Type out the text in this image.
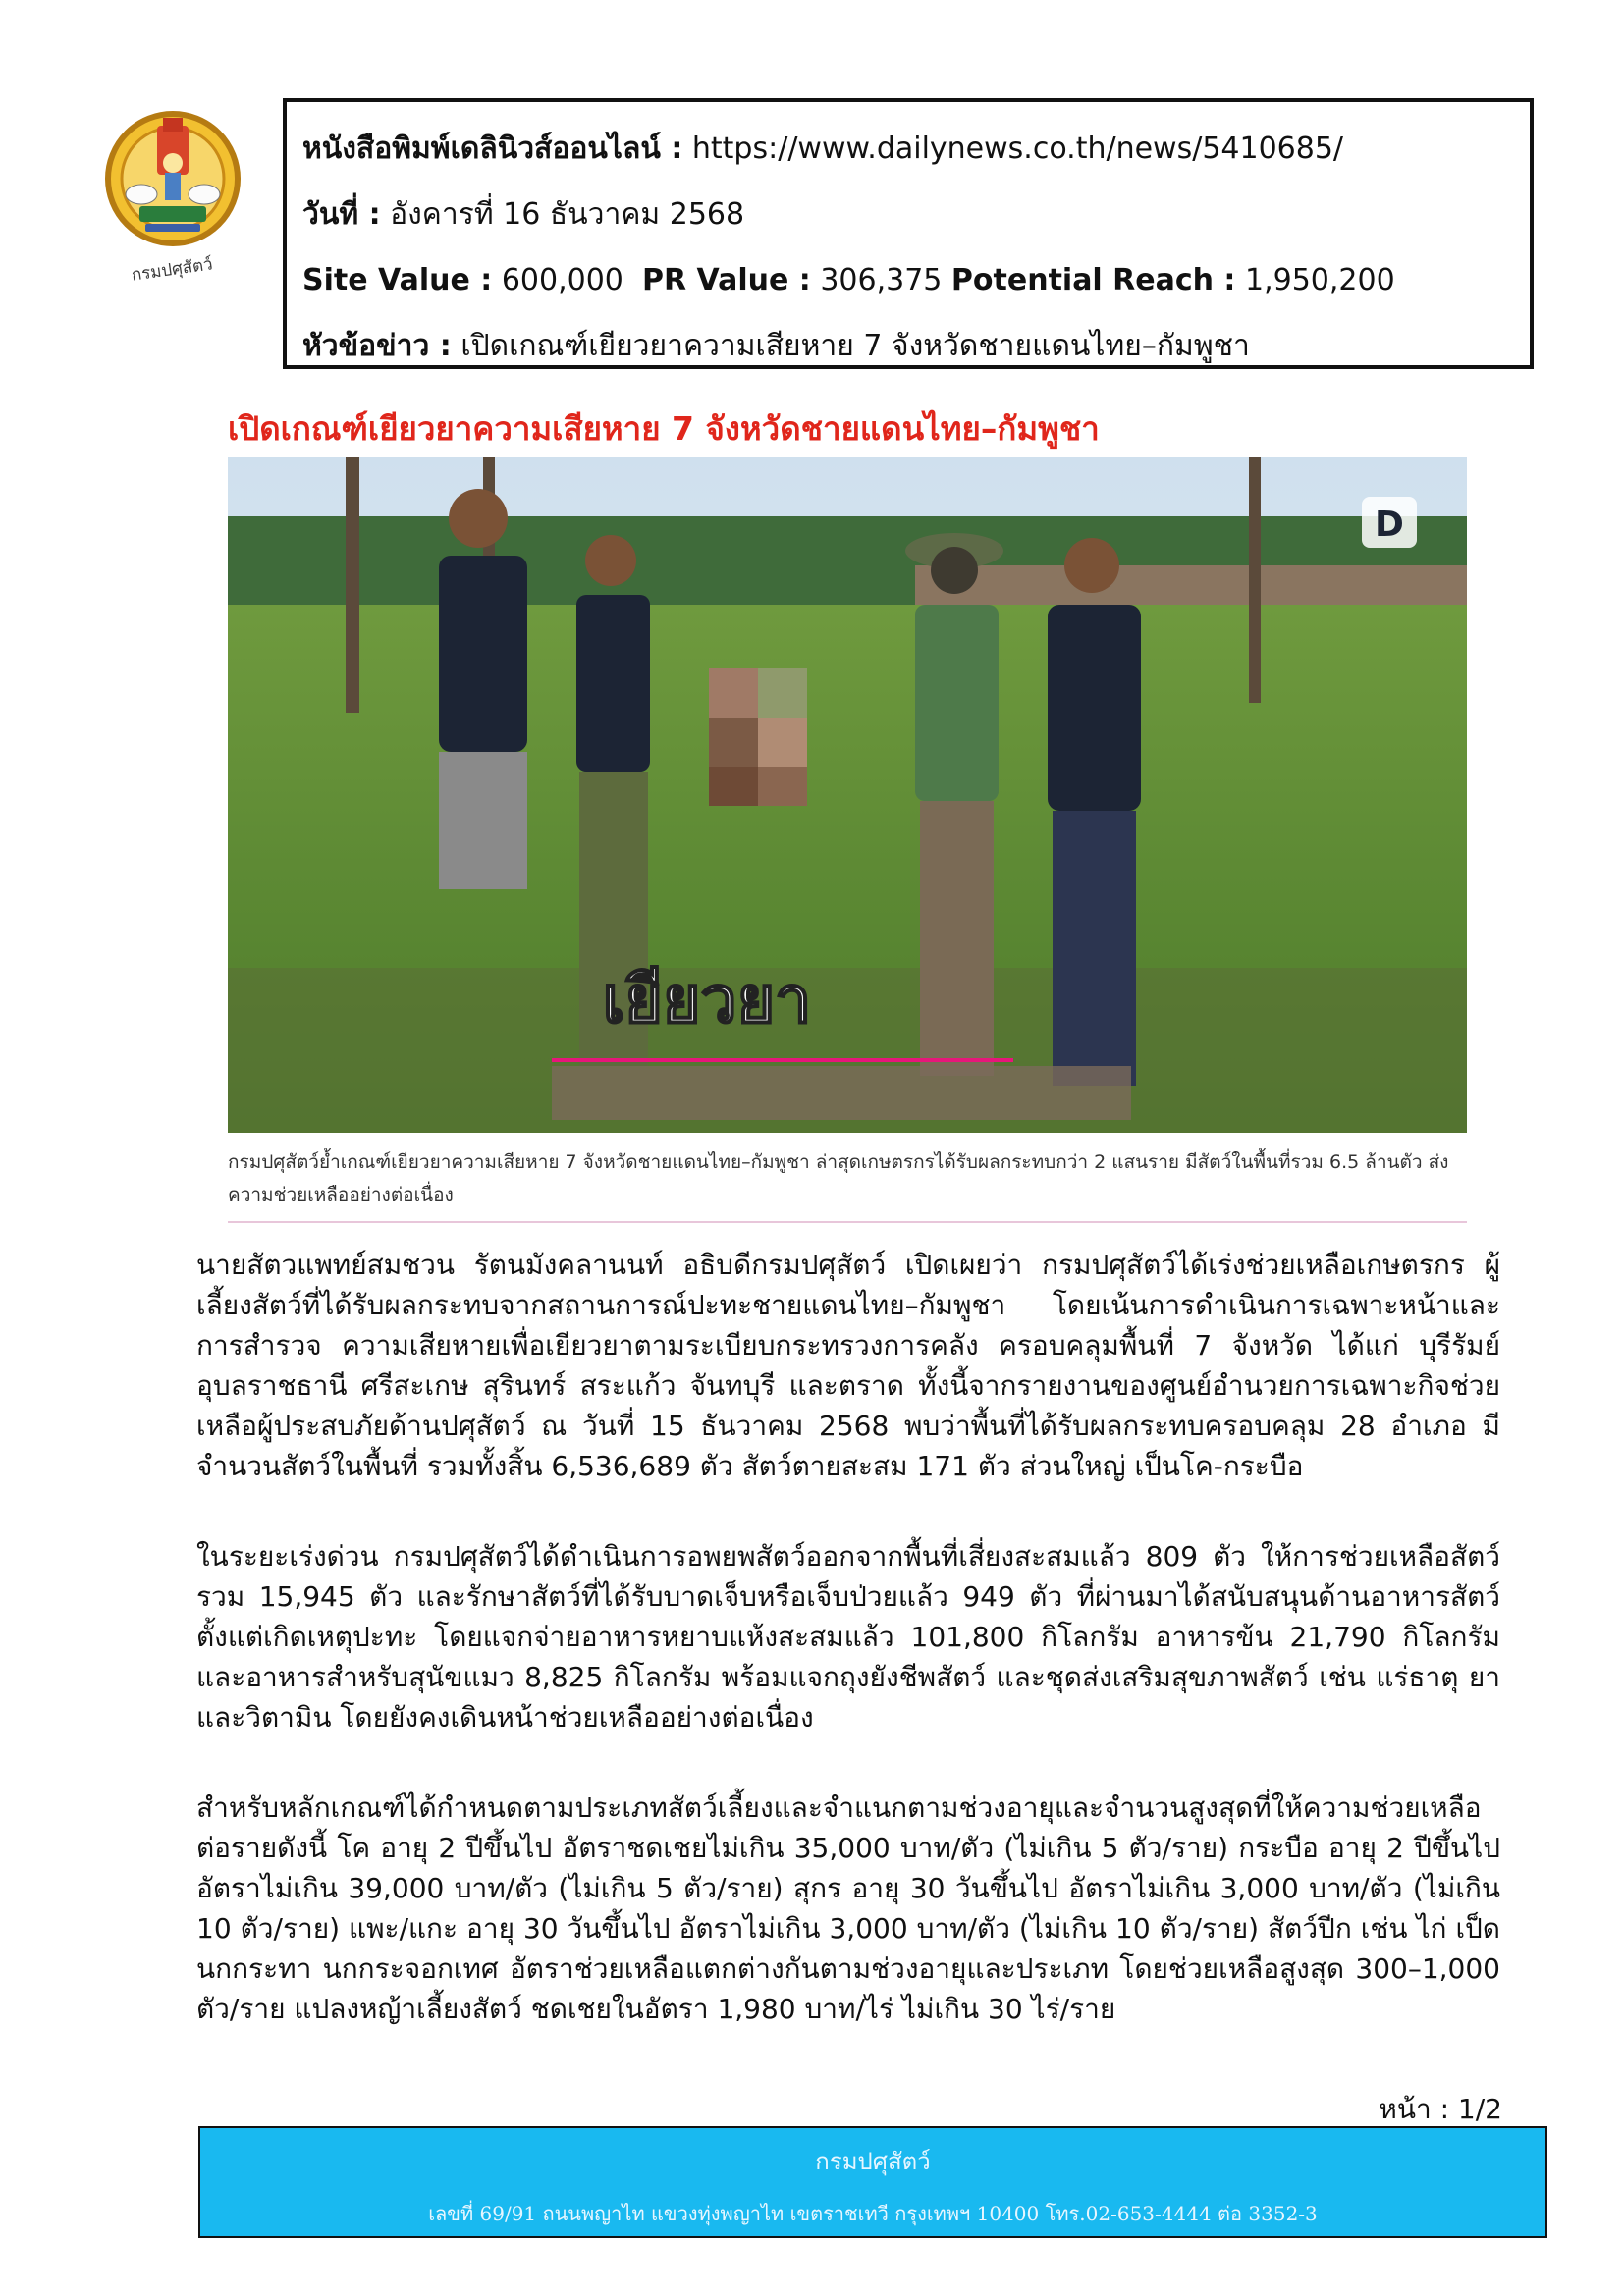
กรมปศุสัตว์
หนังสือพิมพ์เดลินิวส์ออนไลน์ : https://www.dailynews.co.th/news/5410685/
วันที่ : อังคารที่ 16 ธันวาคม 2568
Site Value : 600,000 PR Value : 306,375 Potential Reach : 1,950,200
หัวข้อข่าว : เปิดเกณฑ์เยียวยาความเสียหาย 7 จังหวัดชายแดนไทย–กัมพูชา
เปิดเกณฑ์เยียวยาความเสียหาย 7 จังหวัดชายแดนไทย–กัมพูชา
เยียวยา
D
กรมปศุสัตว์ย้ำเกณฑ์เยียวยาความเสียหาย 7 จังหวัดชายแดนไทย–กัมพูชา ล่าสุดเกษตรกรได้รับผลกระทบกว่า 2 แสนราย มีสัตว์ในพื้นที่รวม 6.5 ล้านตัว ส่งความช่วยเหลืออย่างต่อเนื่อง
นายสัตวแพทย์สมชวน รัตนมังคลานนท์ อธิบดีกรมปศุสัตว์ เปิดเผยว่า กรมปศุสัตว์ได้เร่งช่วยเหลือเกษตรกร ผู้เลี้ยงสัตว์ที่ได้รับผลกระทบจากสถานการณ์ปะทะชายแดนไทย–กัมพูชา โดยเน้นการดำเนินการเฉพาะหน้าและการสำรวจ ความเสียหายเพื่อเยียวยาตามระเบียบกระทรวงการคลัง ครอบคลุมพื้นที่ 7 จังหวัด ได้แก่ บุรีรัมย์ อุบลราชธานี ศรีสะเกษ สุรินทร์ สระแก้ว จันทบุรี และตราด ทั้งนี้จากรายงานของศูนย์อำนวยการเฉพาะกิจช่วยเหลือผู้ประสบภัยด้านปศุสัตว์ ณ วันที่ 15 ธันวาคม 2568 พบว่าพื้นที่ได้รับผลกระทบครอบคลุม 28 อำเภอ มีจำนวนสัตว์ในพื้นที่ รวมทั้งสิ้น 6,536,689 ตัว สัตว์ตายสะสม 171 ตัว ส่วนใหญ่ เป็นโค-กระบือ
ในระยะเร่งด่วน กรมปศุสัตว์ได้ดำเนินการอพยพสัตว์ออกจากพื้นที่เสี่ยงสะสมแล้ว 809 ตัว ให้การช่วยเหลือสัตว์ รวม 15,945 ตัว และรักษาสัตว์ที่ได้รับบาดเจ็บหรือเจ็บป่วยแล้ว 949 ตัว ที่ผ่านมาได้สนับสนุนด้านอาหารสัตว์ตั้งแต่เกิดเหตุปะทะ โดยแจกจ่ายอาหารหยาบแห้งสะสมแล้ว 101,800 กิโลกรัม อาหารข้น 21,790 กิโลกรัม และอาหารสำหรับสุนัขแมว 8,825 กิโลกรัม พร้อมแจกถุงยังชีพสัตว์ และชุดส่งเสริมสุขภาพสัตว์ เช่น แร่ธาตุ ยา และวิตามิน โดยยังคงเดินหน้าช่วยเหลืออย่างต่อเนื่อง
สำหรับหลักเกณฑ์ได้กำหนดตามประเภทสัตว์เลี้ยงและจำแนกตามช่วงอายุและจำนวนสูงสุดที่ให้ความช่วยเหลือต่อรายดังนี้ โค อายุ 2 ปีขึ้นไป อัตราชดเชยไม่เกิน 35,000 บาท/ตัว (ไม่เกิน 5 ตัว/ราย) กระบือ อายุ 2 ปีขึ้นไป อัตราไม่เกิน 39,000 บาท/ตัว (ไม่เกิน 5 ตัว/ราย) สุกร อายุ 30 วันขึ้นไป อัตราไม่เกิน 3,000 บาท/ตัว (ไม่เกิน 10 ตัว/ราย) แพะ/แกะ อายุ 30 วันขึ้นไป อัตราไม่เกิน 3,000 บาท/ตัว (ไม่เกิน 10 ตัว/ราย) สัตว์ปีก เช่น ไก่ เป็ด นกกระทา นกกระจอกเทศ อัตราช่วยเหลือแตกต่างกันตามช่วงอายุและประเภท โดยช่วยเหลือสูงสุด 300–1,000 ตัว/ราย แปลงหญ้าเลี้ยงสัตว์ ชดเชยในอัตรา 1,980 บาท/ไร่ ไม่เกิน 30 ไร่/ราย
หน้า : 1/2
กรมปศุสัตว์
เลขที่ 69/91 ถนนพญาไท แขวงทุ่งพญาไท เขตราชเทวี กรุงเทพฯ 10400 โทร.02-653-4444 ต่อ 3352-3
